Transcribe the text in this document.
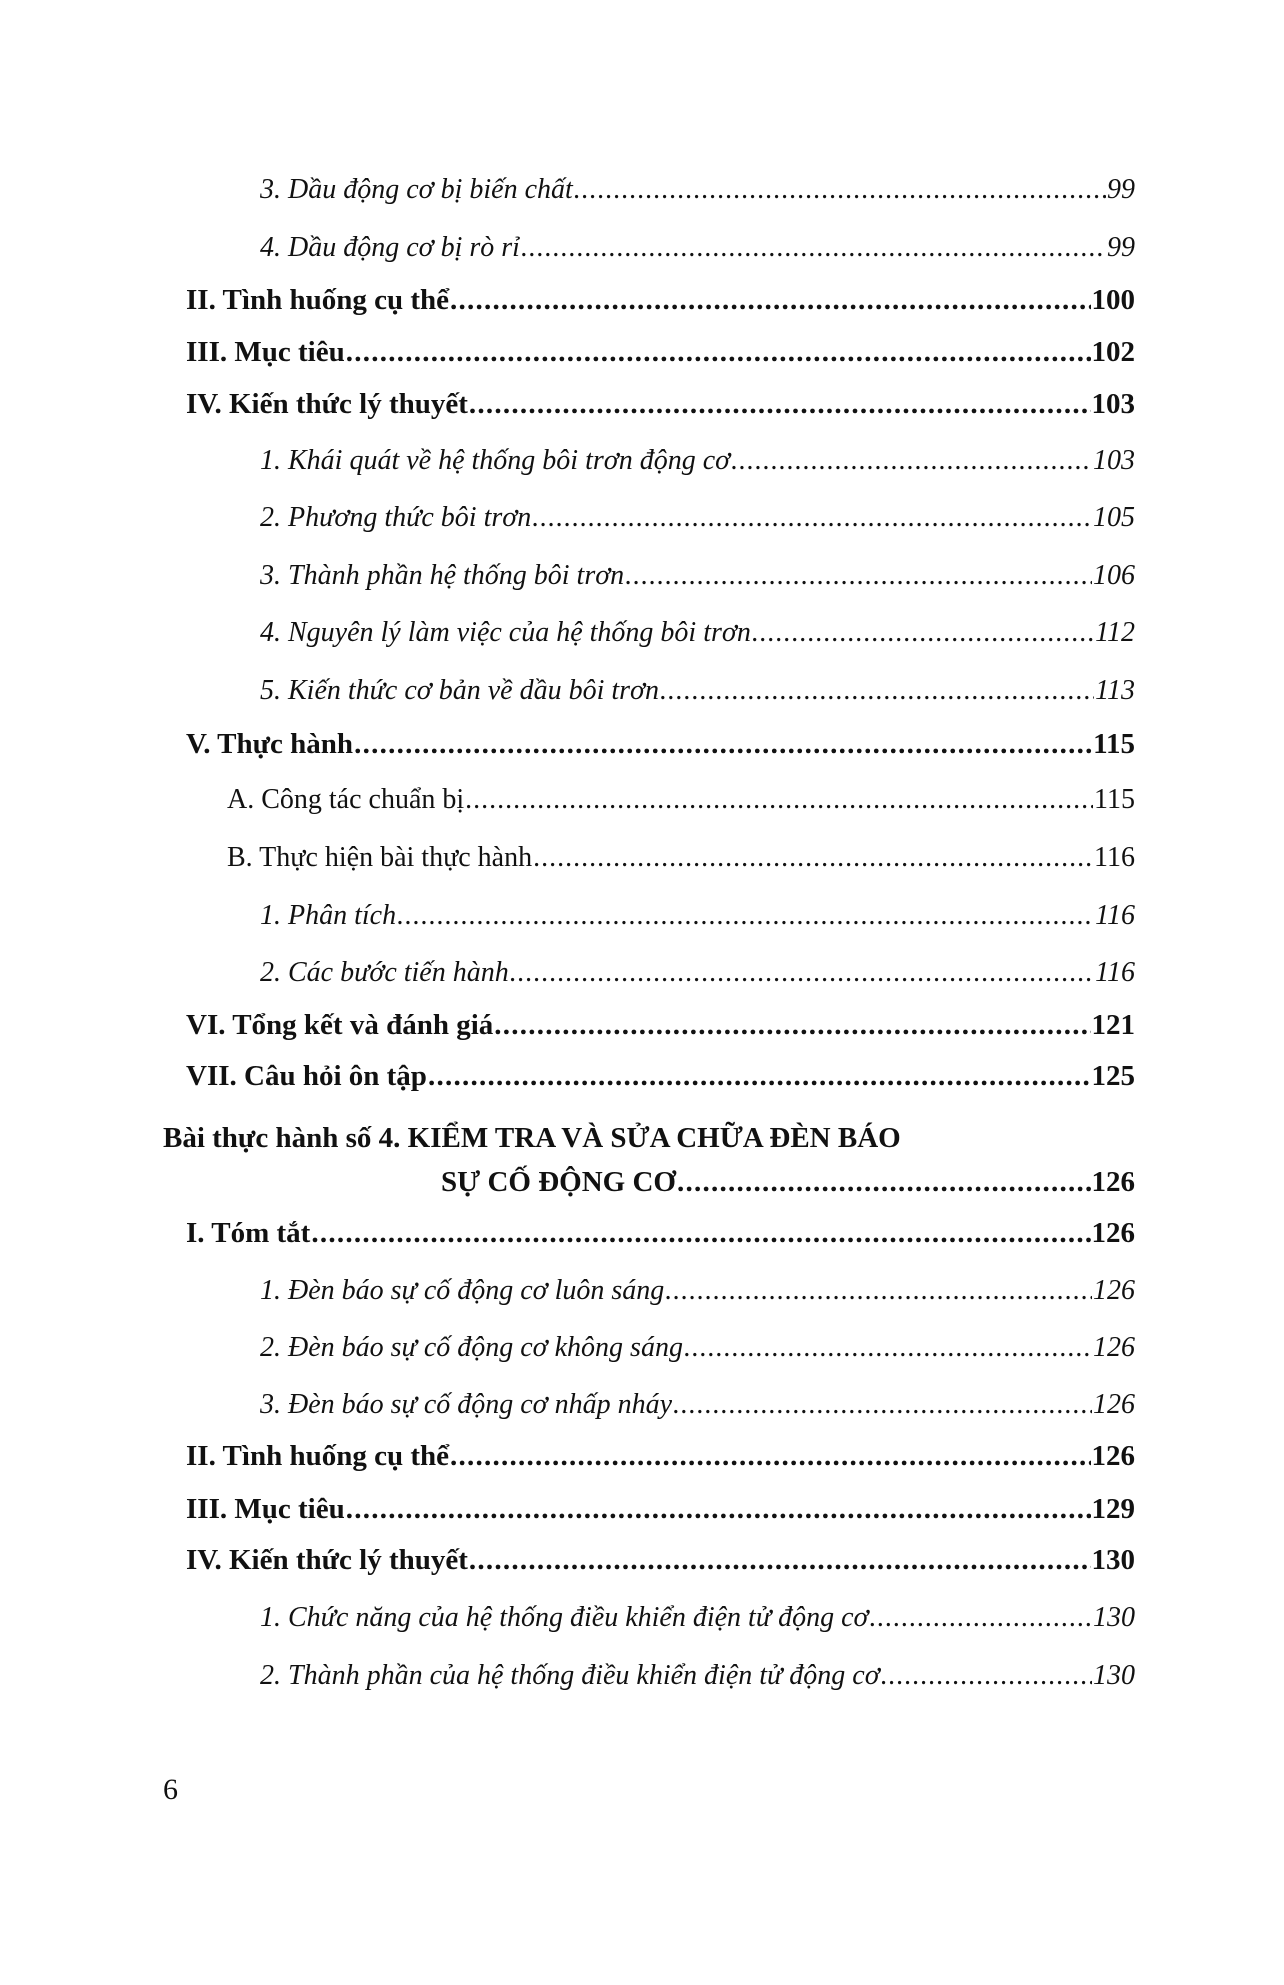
3. Dầu động cơ bị biến chất . . .	99
4. Dầu động cơ bị rò rỉ . . .	99
II. Tình huống cụ thể . . .	100
III. Mục tiêu . . .	102
IV. Kiến thức lý thuyết . . .	103
1. Khái quát về hệ thống bôi trơn động cơ . . .	103
2. Phương thức bôi trơn . . .	105
3. Thành phần hệ thống bôi trơn . . .	106
4. Nguyên lý làm việc của hệ thống bôi trơn . . .	112
5. Kiến thức cơ bản về dầu bôi trơn . . .	113
V. Thực hành . . .	115
A. Công tác chuẩn bị . . .	115
B. Thực hiện bài thực hành . . .	116
1. Phân tích . . .	116
2. Các bước tiến hành . . .	116
VI. Tổng kết và đánh giá . . .	121
VII. Câu hỏi ôn tập . . .	125
Bài thực hành số 4. KIỂM TRA VÀ SỬA CHỮA ĐÈN BÁO
SỰ CỐ ĐỘNG CƠ . . .	126
I. Tóm tắt . . .	126
1. Đèn báo sự cố động cơ luôn sáng . . .	126
2. Đèn báo sự cố động cơ không sáng . . .	126
3. Đèn báo sự cố động cơ nhấp nháy . . .	126
II. Tình huống cụ thể . . .	126
III. Mục tiêu . . .	129
IV. Kiến thức lý thuyết . . .	130
1. Chức năng của hệ thống điều khiển điện tử động cơ . . .	130
2. Thành phần của hệ thống điều khiển điện tử động cơ . . .	130
6
